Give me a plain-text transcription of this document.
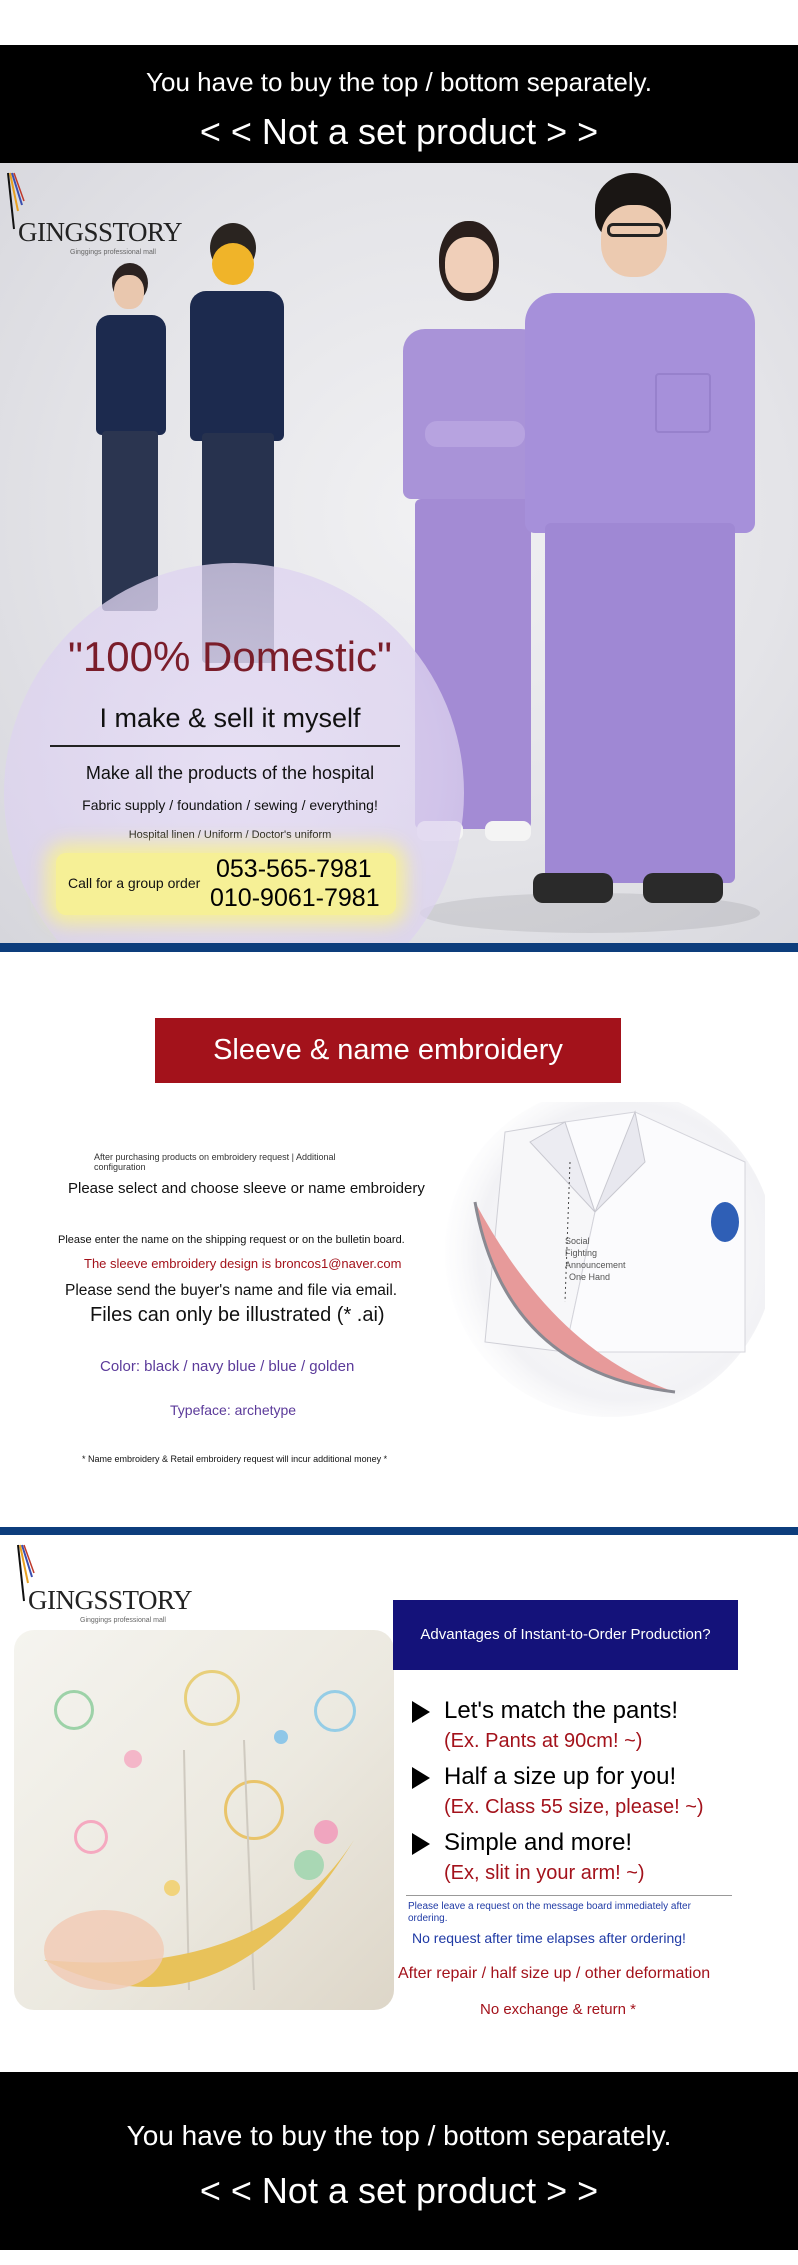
You have to buy the top / bottom separately.
< < Not a set product > >
GINGSSTORY
Ginggings professional mall
"100% Domestic"
I make & sell it myself
Make all the products of the hospital
Fabric supply / foundation / sewing / everything!
Hospital linen / Uniform / Doctor's uniform
Call for a group order 053-565-7981
010-9061-7981
Sleeve & name embroidery
After purchasing products on embroidery request | Additional configuration
Please select and choose sleeve or name embroidery
Please enter the name on the shipping request or on the bulletin board.
The sleeve embroidery design is broncos1@naver.com
Please send the buyer's name and file via email.
Files can only be illustrated (* .ai)
Color: black / navy blue / blue / golden
Typeface: archetype
* Name embroidery & Retail embroidery request will incur additional money *
Social
Fighting
Announcement
One Hand
GINGSSTORY
Ginggings professional mall
Advantages of Instant-to-Order Production?
Let's match the pants!
(Ex. Pants at 90cm! ~)
Half a size up for you!
(Ex. Class 55 size, please! ~)
Simple and more!
(Ex, slit in your arm! ~)
Please leave a request on the message board immediately after ordering.
No request after time elapses after ordering!
After repair / half size up / other deformation
No exchange & return *
You have to buy the top / bottom separately.
< < Not a set product > >
